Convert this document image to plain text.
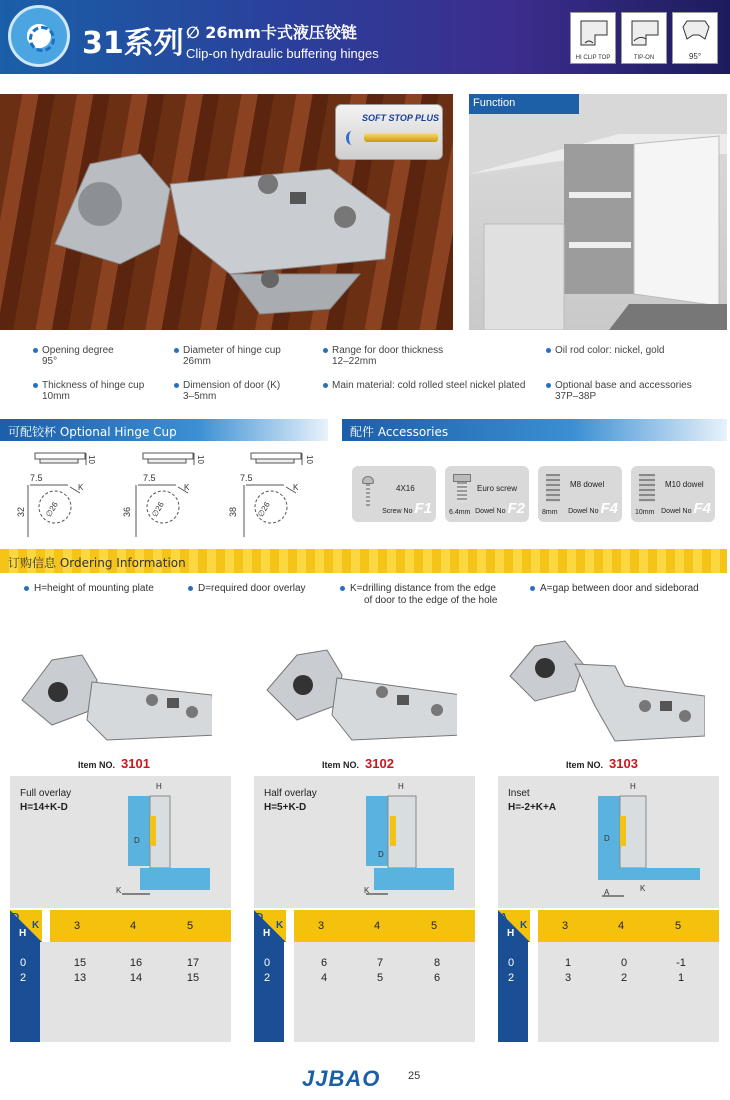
31系列 ∅ 26mm卡式液压铰链
Clip-on hydraulic buffering hinges	HI CLIP TOP	TIP-ON	95°
SOFT STOP PLUS
Function
Opening degree
95°
Diameter of hinge cup
26mm
Range for door thickness
12–22mm
Oil rod color: nickel, gold
Thickness of hinge cup
10mm
Dimension of door (K)
3–5mm
Main material: cold rolled steel nickel plated	Optional base and accessories
37P–38P
可配铰杯 Optional Hinge Cup	配件 Accessories
10
7.5
K
32 ∅26
10
7.5
K
36 ∅26
10
7.5
K
38 ∅26
4X16
Screw No F1
Euro screw
6.4mm Dowel No F2
M8 dowel
8mm Dowel No F4
M10 dowel
10mm Dowel No F4
订购信息 Ordering Information
H=height of mounting plate	D=required door overlay	K=drilling distance from the edge
of door to the edge of the hole
A=gap between door and sideborad
Item NO. 3101	Item NO. 3102	Item NO. 3103
Full overlay
H=14+K-D
H
D
K
Half overlay
H=5+K-D
H
D
K
Inset
H=-2+K+A
H
D
A	K
D
H
K	3	4	5
0	15	16	17
2	13	14	15
D
H
K	3	4	5
0	6	7	8
2	4	5	6
A
H
K	3	4	5
0	1	0	-1
2	3	2	1
JJBAO	25
